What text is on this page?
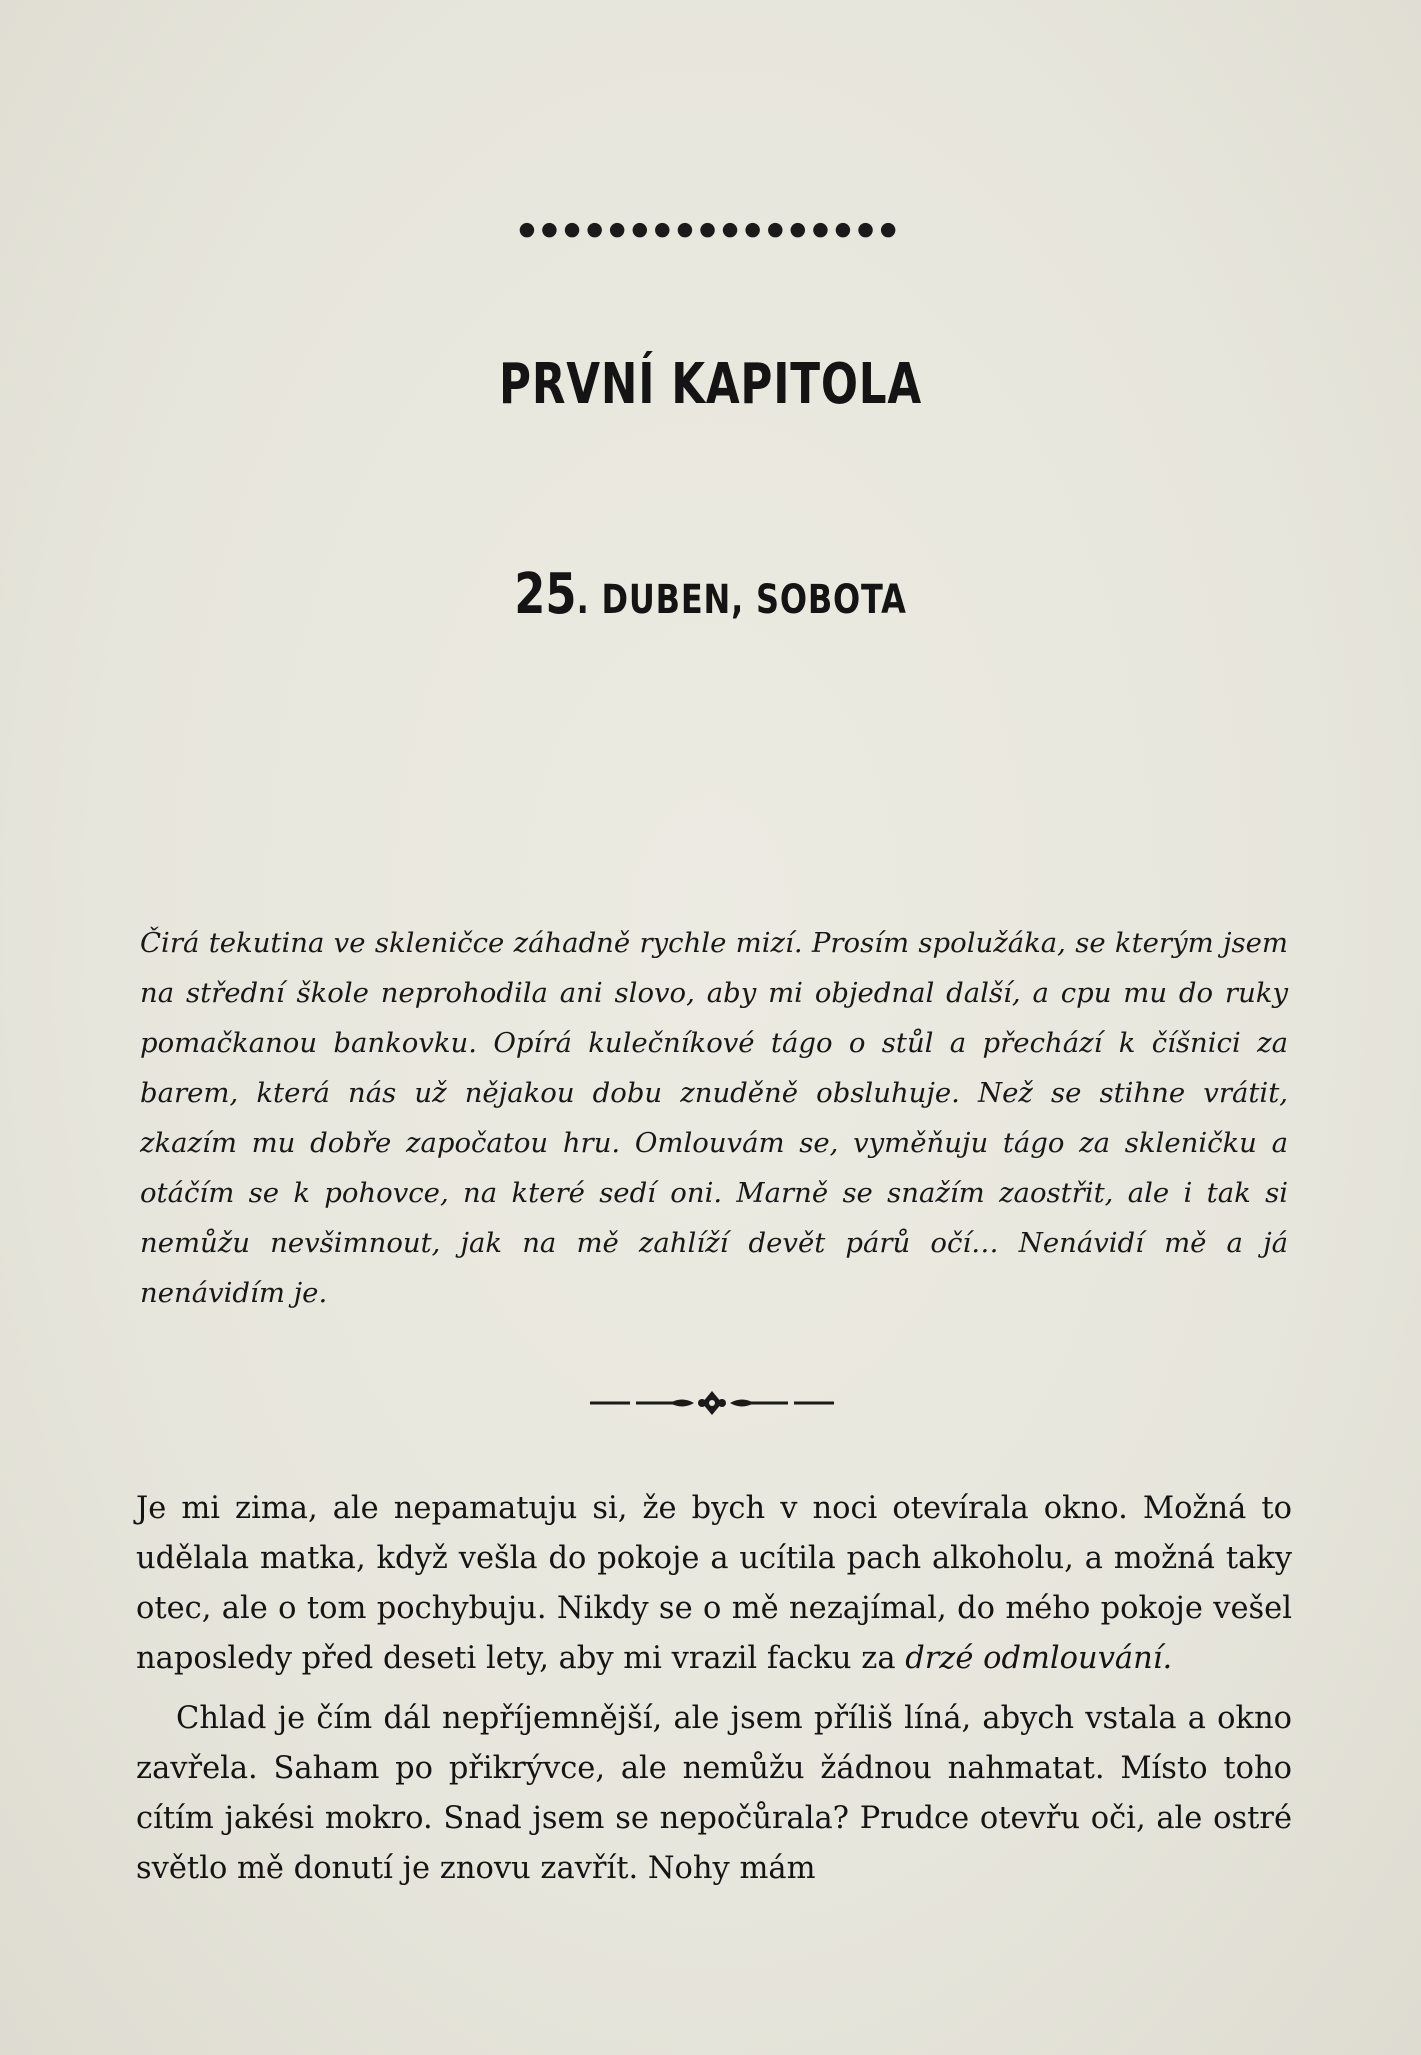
●●●●●●●●●●●●●●●●●
PRVNÍ KAPITOLA
25. DUBEN, SOBOTA
Čirá tekutina ve skleničce záhadně rychle mizí. Prosím spolužáka, se kterým jsem na střední škole neprohodila ani slovo, aby mi objednal další, a cpu mu do ruky pomačkanou bankovku. Opírá kulečníkové tágo o stůl a přechází k číšnici za barem, která nás už nějakou dobu znuděně obsluhuje. Než se stihne vrátit, zkazím mu dobře započatou hru. Omlouvám se, vyměňuju tágo za skleničku a otáčím se k pohovce, na které sedí oni. Marně se snažím zaostřit, ale i tak si nemůžu nevšimnout, jak na mě zahlíží devět párů očí… Nenávidí mě a já nenávidím je.

Je mi zima, ale nepamatuju si, že bych v noci otevírala okno. Možná to udělala matka, když vešla do pokoje a ucítila pach alkoholu, a možná taky otec, ale o tom pochybuju. Nikdy se o mě nezajímal, do mého pokoje vešel naposledy před deseti lety, aby mi vrazil facku za drzé odmlouvání.

Chlad je čím dál nepříjemnější, ale jsem příliš líná, abych vstala a okno zavřela. Saham po přikrývce, ale nemůžu žádnou nahmatat. Místo toho cítím jakési mokro. Snad jsem se nepočůrala? Prudce otevřu oči, ale ostré světlo mě donutí je znovu zavřít. Nohy mám
